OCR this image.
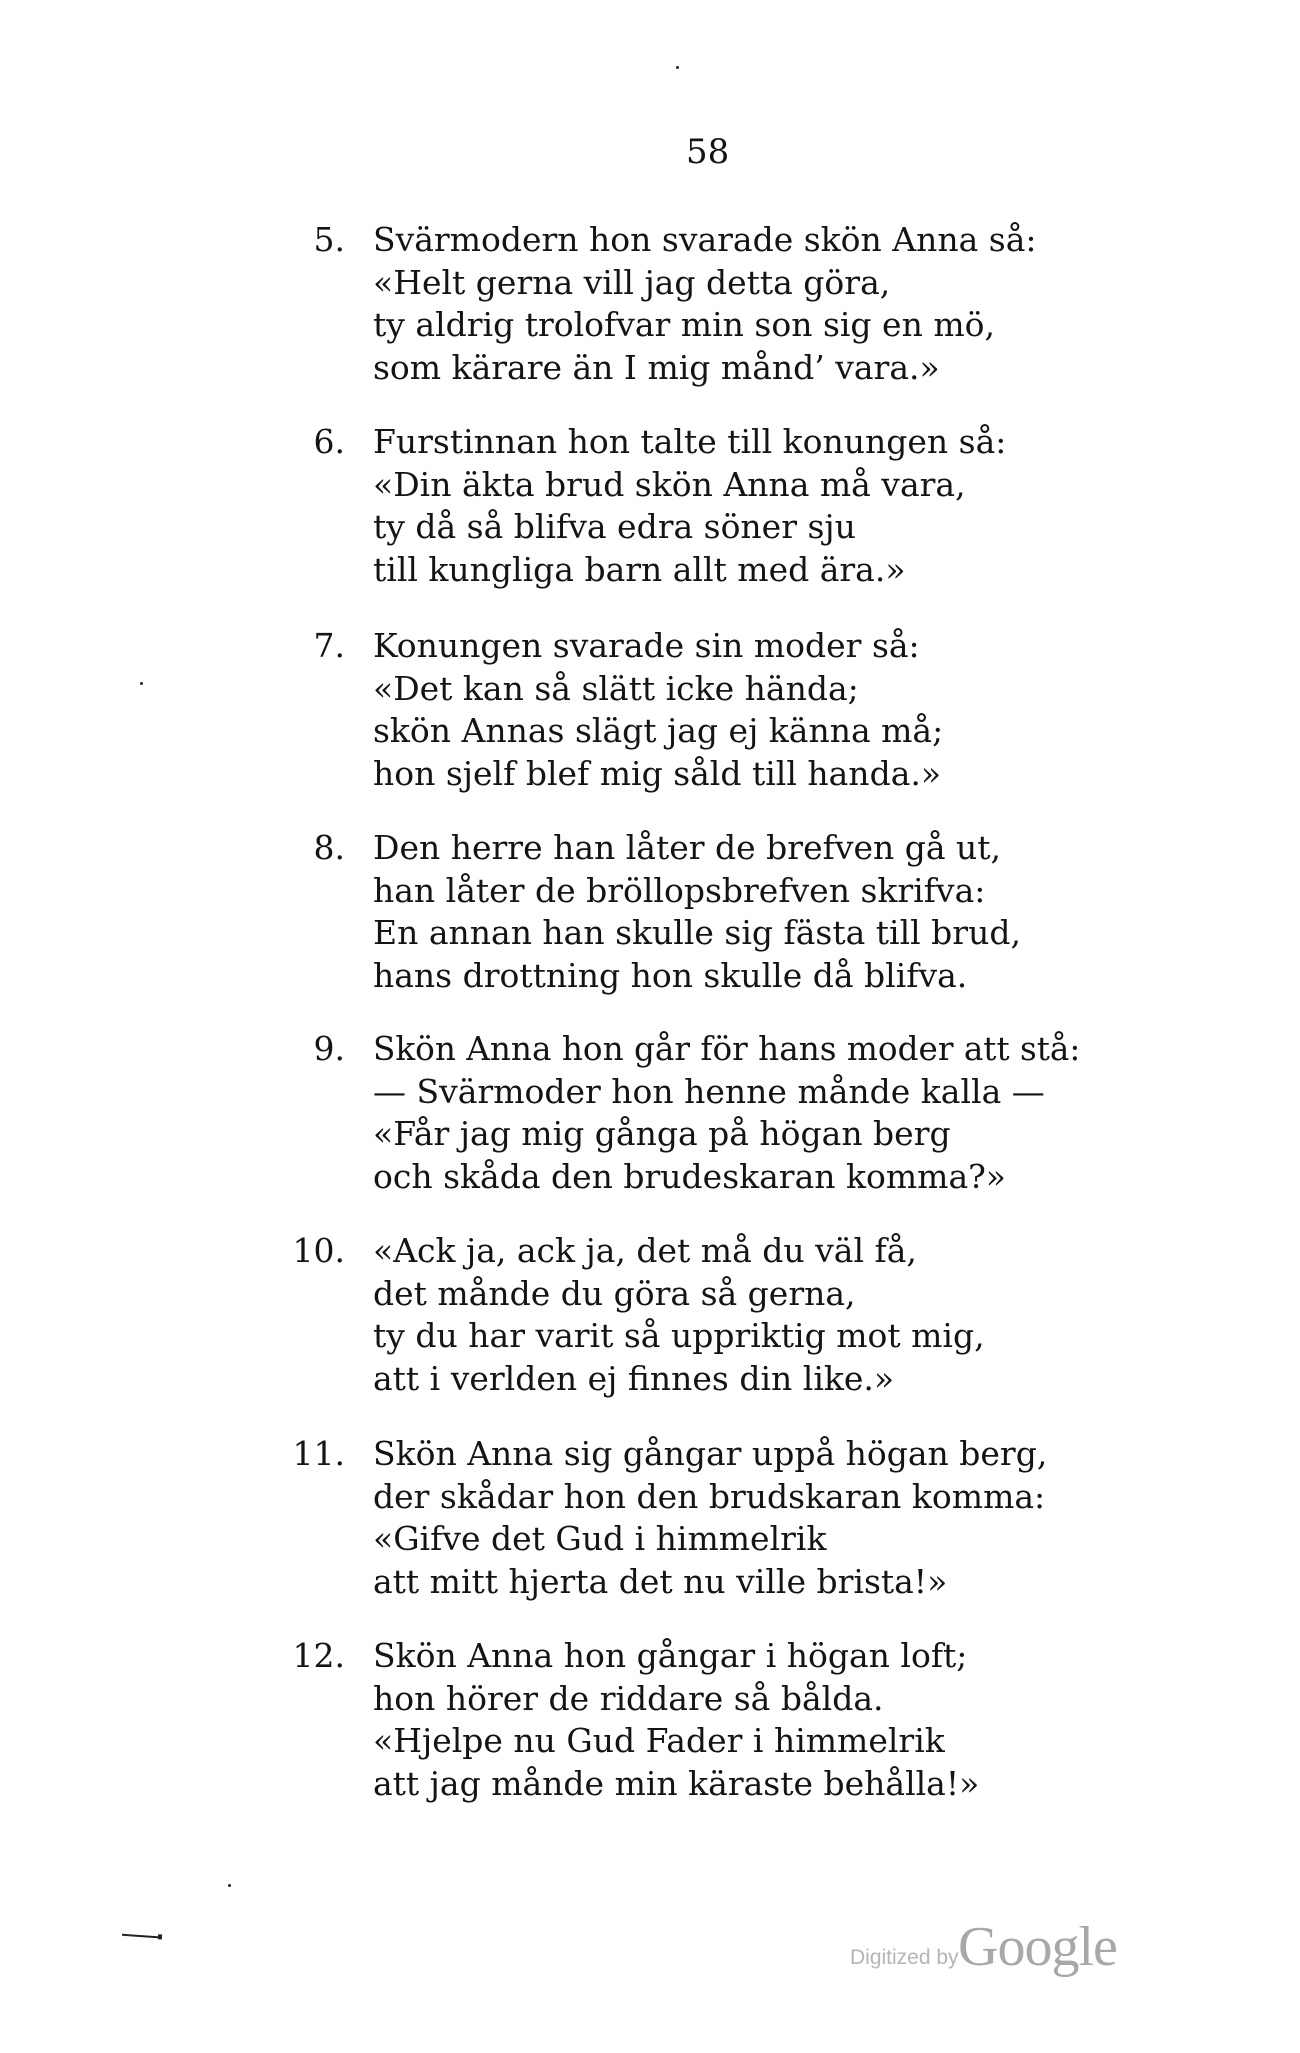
58
5. Svärmodern hon svarade skön Anna så:
«Helt gerna vill jag detta göra,
ty aldrig trolofvar min son sig en mö,
som kärare än I mig månd’ vara.»
6. Furstinnan hon talte till konungen så:
«Din äkta brud skön Anna må vara,
ty då så blifva edra söner sju
till kungliga barn allt med ära.»
7. Konungen svarade sin moder så:
«Det kan så slätt icke hända;
skön Annas slägt jag ej känna må;
hon sjelf blef mig såld till handa.»
8. Den herre han låter de brefven gå ut,
han låter de bröllopsbrefven skrifva:
En annan han skulle sig fästa till brud,
hans drottning hon skulle då blifva.
9. Skön Anna hon går för hans moder att stå:
— Svärmoder hon henne månde kalla —
«Får jag mig gånga på högan berg
och skåda den brudeskaran komma?»
10. «Ack ja, ack ja, det må du väl få,
det månde du göra så gerna,
ty du har varit så uppriktig mot mig,
att i verlden ej finnes din like.»
11. Skön Anna sig gångar uppå högan berg,
der skådar hon den brudskaran komma:
«Gifve det Gud i himmelrik
att mitt hjerta det nu ville brista!»
12. Skön Anna hon gångar i högan loft;
hon hörer de riddare så bålda.
«Hjelpe nu Gud Fader i himmelrik
att jag månde min käraste behålla!»
Digitized by Google
